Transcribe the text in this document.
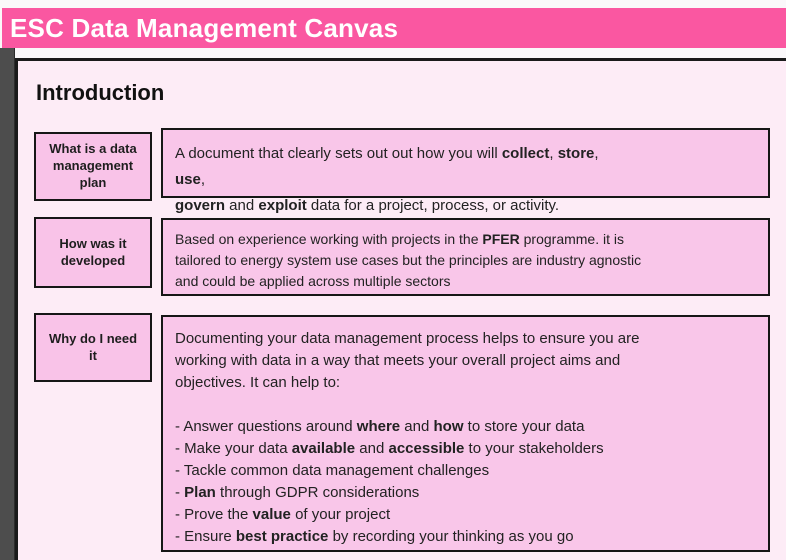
ESC Data Management Canvas
Introduction
What is a data management plan
A document that clearly sets out out how you will collect, store,
use,
govern and exploit data for a project, process, or activity.
How was it developed
Based on experience working with projects in the PFER programme. it is
tailored to energy system use cases but the principles are industry agnostic
and could be applied across multiple sectors
Why do I need it
Documenting your data management process helps to ensure you are
working with data in a way that meets your overall project aims and
objectives. It can help to:

- Answer questions around where and how to store your data
- Make your data available and accessible to your stakeholders
- Tackle common data management challenges
- Plan through GDPR considerations
- Prove the value of your project
- Ensure best practice by recording your thinking as you go
